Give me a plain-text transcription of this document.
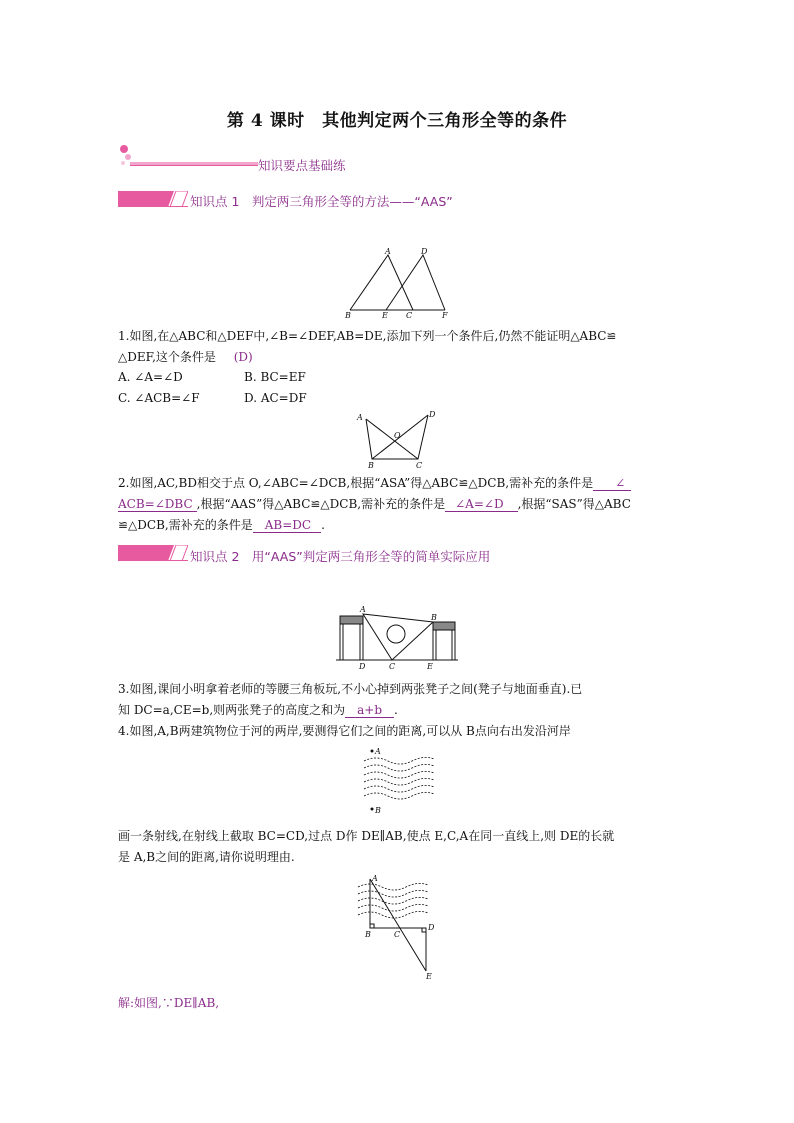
第 4 课时　其他判定两个三角形全等的条件
知识要点基础练
知识点 1　判定两三角形全等的方法——“AAS”
A	D
B	E C	F
1.如图,在△ABC和△DEF中,∠B=∠DEF,AB=DE,添加下列一个条件后,仍然不能证明△ABC≌
△DEF,这个条件是 (D)
A. ∠A=∠D	B. BC=EF
C. ∠ACB=∠F	D. AC=DF
A	D
O
B	C
2.如图,AC,BD相交于点 O,∠ABC=∠DCB,根据“ASA”得△ABC≌△DCB,需补充的条件是 ∠
ACB=∠DBC ,根据“AAS”得△ABC≌△DCB,需补充的条件是 ∠A=∠D ,根据“SAS”得△ABC
≌△DCB,需补充的条件是 AB=DC .
知识点 2　用“AAS”判定两三角形全等的简单实际应用
A
B
D	C	E
3.如图,课间小明拿着老师的等腰三角板玩,不小心掉到两张凳子之间(凳子与地面垂直).已
知 DC=a,CE=b,则两张凳子的高度之和为 a+b .
4.如图,A,B两建筑物位于河的两岸,要测得它们之间的距离,可以从 B点向右出发沿河岸
A
B
画一条射线,在射线上截取 BC=CD,过点 D作 DE∥AB,使点 E,C,A在同一直线上,则 DE的长就
是 A,B之间的距离,请你说明理由.
A
B	C
D
E
解:如图,∵DE∥AB,
